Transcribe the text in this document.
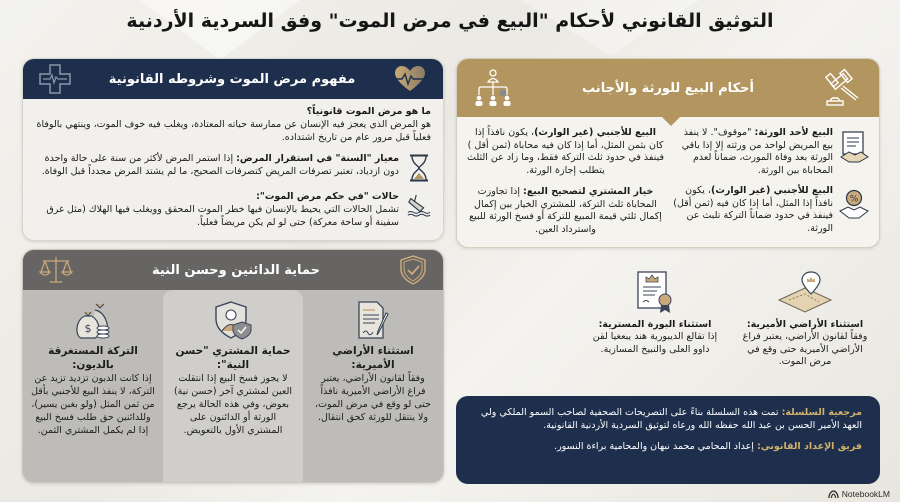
التوثيق القانوني لأحكام "البيع في مرض الموت" وفق السردية الأردنية
مفهوم مرض الموت وشروطه القانونية
ما هو مرض الموت قانونياً؟
هو المرض الذي يعجز فيه الإنسان عن ممارسة حياته المعتادة، ويغلب فيه خوف الموت، وينتهي بالوفاة فعلياً قبل مرور عام من تاريخ اشتداده.
معيار "السنة" في استقرار المرض: إذا استمر المرض لأكثر من سنة على حالة واحدة دون ازدياد، تعتبر تصرفات المريض كتصرفات الصحيح، ما لم يشتد المرض مجدداً قبل الوفاة.
حالات "في حكم مرض الموت":
تشمل الحالات التي يحيط بالإنسان فيها خطر الموت المحقق وويغلب فيها الهلاك (مثل غرق سفينة أو ساحة معركة) حتى لو لم يكن مريضاً فعلياً.
أحكام البيع للورثة والأجانب
البيع لأحد الورثة: "موقوف". لا ينفذ بيع المريض لواحد من ورثته إلا إذا باقي الورثة بعد وفاة المورث، ضماناً لعدم المحاباة بين الورثة.
%
البيع للأجنبي (غير الوارث)، يكون نافذاً إذا المثل، أما إذا كان فيه (ثمن أقل) فينفذ في حدود ضماناً التركة تلبث عن الورثة.

البيع للأجنبي (غير الوارث)، يكون نافذاً إذا كان بثمن المثل، أما إذا كان فيه محاباة (ثمن أقل ) فينفذ في حدود ثلث التركة فقط، وما زاد عن الثلث يتطلب إجازة الورثة.

خيار المشتري لتصحيح البيع: إذا تجاوزت المحاباة ثلث التركة، للمشتري الخيار بين إكمال إكمال ثلثي قيمة المبيع للتركة أو فسخ الورثة للبيع واسترداد العين.

حماية الدائنين وحسن النية
استثناء الأراضي الأميرية:
وفقاً لقانون الأراضي، يعتبر فراغ الأراضي الأميرية نافذاً حتى لو وقع في مرض الموت، ولا ينتقل للورثة كحق انتقال.
حماية المشتري "حسن النية":
لا يجوز فسخ البيع إذا انتقلت العين لمشتري آخر (حسن نية) بعوض، وفي هذه الحالة يرجع الورثة أو الدائنون على المشتري الأول بالتعويض.
$
التركة المستغرقة بالديون:
إذا كانت الدبون تزديد تزيد عن التركة، لا ينفذ البيع للأجنبي بأقل من ثمن المثل (ولو بغبن يسير)، وللدائنين حق طلب فسخ البيع إذا لم يكمل المشتري الثمن.
استثناء الأراضي الأميرية:
وفقاً لقانون الأراضي، يعتبر فراغ الأراضي الأميرية حتى وقع في مرض الموت.
استثناء البورة المسترية:
إذا تقالع الديبورية هند يبعغيا لقن داوو العلى والنبيخ المسازية.

مرجعية السلسلة: تمت هذه السلسلة بناءً على التصريحات الصحفية لصاحب السمو الملكي ولي العهد الأمير الحسن بن عبد الله حفظه الله ورعاه لتوثيق السردية الأردنية القانونية.

فريق الإعداد القانوني: إعداد المحامي محمد نبهان والمحامية براءة النسور.

NotebookLM
